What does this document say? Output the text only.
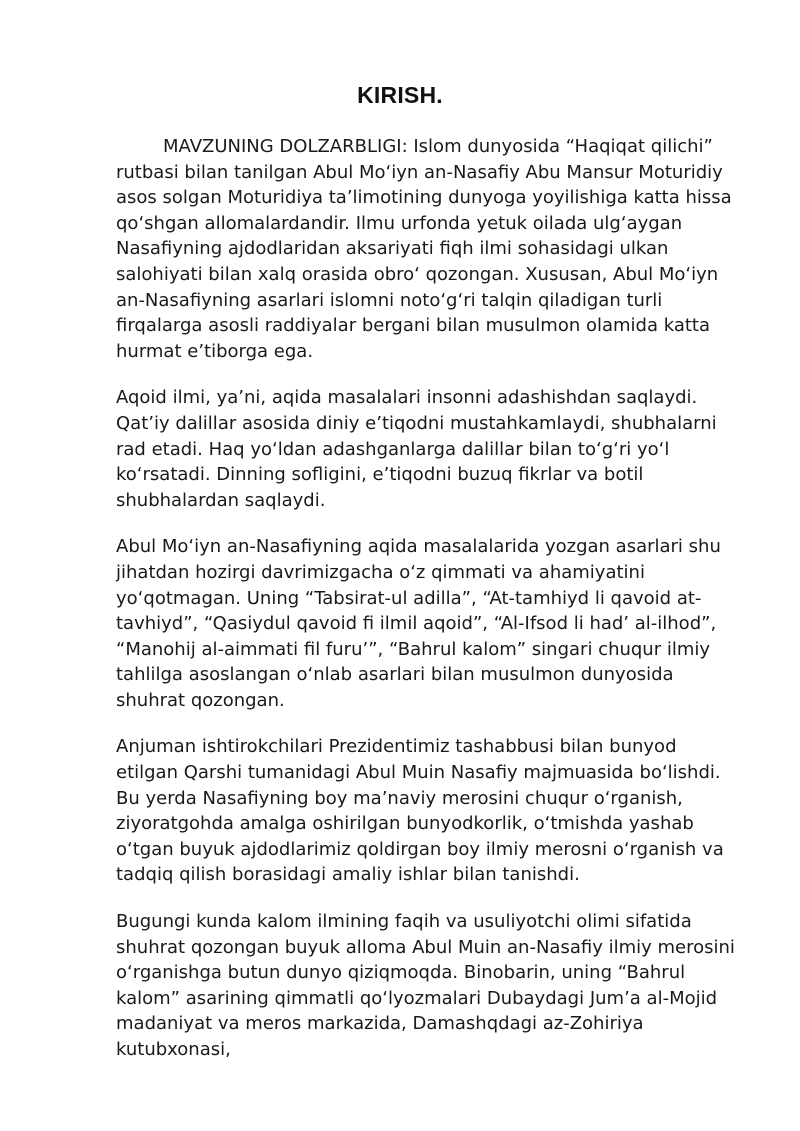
KIRISH.

MAVZUNING DOLZARBLIGI: Islom dunyosida “Haqiqat qilichi” rutbasi bilan tanilgan Abul Mo‘iyn an-Nasafiy Abu Mansur Moturidiy asos solgan Moturidiya ta’limotining dunyoga yoyilishiga katta hissa qo‘shgan allomalardandir. Ilmu urfonda yetuk oilada ulg‘aygan Nasafiyning ajdodlaridan aksariyati fiqh ilmi sohasidagi ulkan salohiyati bilan xalq orasida obro‘ qozongan. Xususan, Abul Mo‘iyn an-Nasafiyning asarlari islomni noto‘g‘ri talqin qiladigan turli firqalarga asosli raddiyalar bergani bilan musulmon olamida katta hurmat e’tiborga ega.

Aqoid ilmi, ya’ni, aqida masalalari insonni adashishdan saqlaydi. Qat’iy dalillar asosida diniy e’tiqodni mustahkamlaydi, shubhalarni rad etadi. Haq yo‘ldan adashganlarga dalillar bilan to‘g‘ri yo‘l ko‘rsatadi. Dinning sofligini, e’tiqodni buzuq fikrlar va botil shubhalardan saqlaydi.

Abul Mo‘iyn an-Nasafiyning aqida masalalarida yozgan asarlari shu jihatdan hozirgi davrimizgacha o‘z qimmati va ahamiyatini yo‘qotmagan. Uning “Tabsirat-ul adilla”, “At-tamhiyd li qavoid at-tavhiyd”, “Qasiydul qavoid fi ilmil aqoid”, “Al-Ifsod li had’ al-ilhod”, “Manohij al-aimmati fil furu’”, “Bahrul kalom” singari chuqur ilmiy tahlilga asoslangan o‘nlab asarlari bilan musulmon dunyosida shuhrat qozongan.

Anjuman ishtirokchilari Prezidentimiz tashabbusi bilan bunyod etilgan Qarshi tumanidagi Abul Muin Nasafiy majmuasida bo‘lishdi. Bu yerda Nasafiyning boy ma’naviy merosini chuqur o‘rganish, ziyoratgohda amalga oshirilgan bunyodkorlik, o‘tmishda yashab o‘tgan buyuk ajdodlarimiz qoldirgan boy ilmiy merosni o‘rganish va tadqiq qilish borasidagi amaliy ishlar bilan tanishdi.

Bugungi kunda kalom ilmining faqih va usuliyotchi olimi sifatida shuhrat qozongan buyuk alloma Abul Muin an-Nasafiy ilmiy merosini o‘rganishga butun dunyo qiziqmoqda. Binobarin, uning “Bahrul kalom” asarining qimmatli qo‘lyozmalari Dubaydagi Jum’a al-Mojid madaniyat va meros markazida, Damashqdagi az-Zohiriya kutubxonasi,
